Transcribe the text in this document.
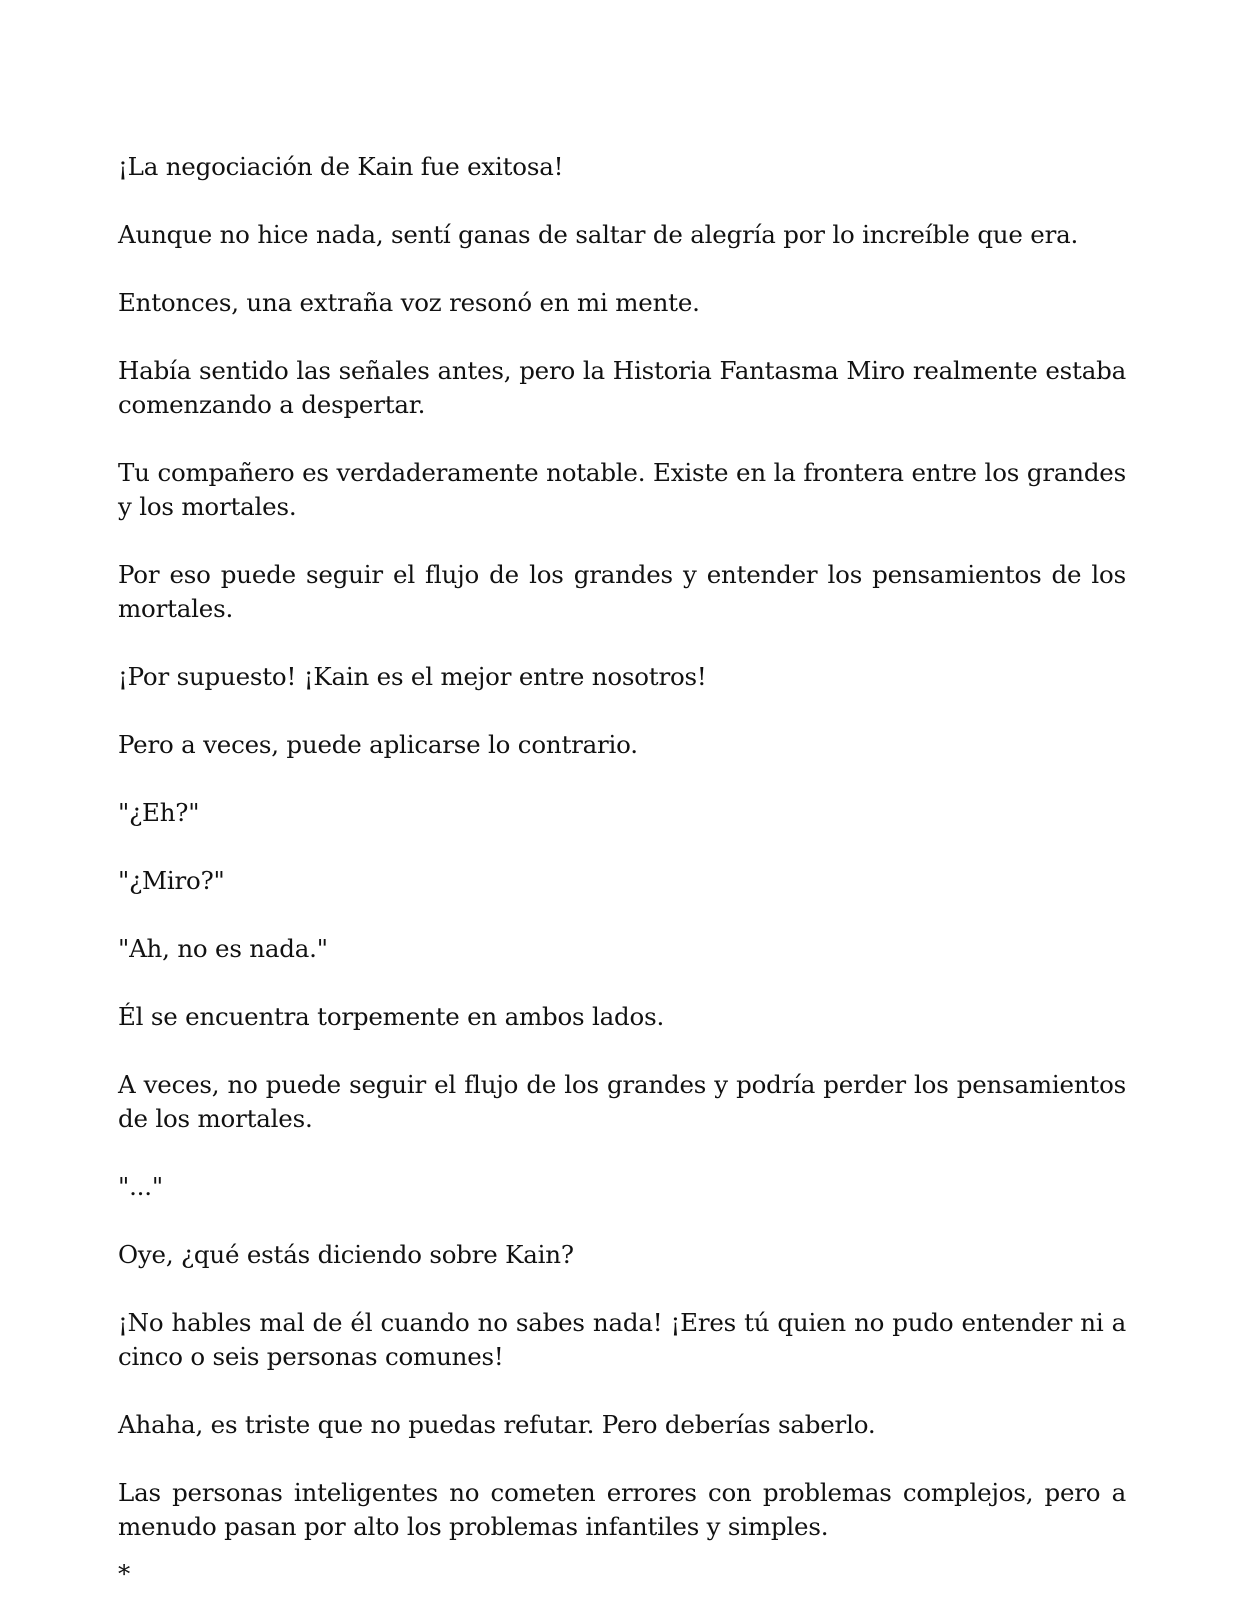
¡La negociación de Kain fue exitosa!

Aunque no hice nada, sentí ganas de saltar de alegría por lo increíble que era.

Entonces, una extraña voz resonó en mi mente.

Había sentido las señales antes, pero la Historia Fantasma Miro realmente estaba comenzando a despertar.

Tu compañero es verdaderamente notable. Existe en la frontera entre los grandes y los mortales.

Por eso puede seguir el flujo de los grandes y entender los pensamientos de los mortales.

¡Por supuesto! ¡Kain es el mejor entre nosotros!

Pero a veces, puede aplicarse lo contrario.

"¿Eh?"

"¿Miro?"

"Ah, no es nada."

Él se encuentra torpemente en ambos lados.

A veces, no puede seguir el flujo de los grandes y podría perder los pensamientos de los mortales.

"..."

Oye, ¿qué estás diciendo sobre Kain?

¡No hables mal de él cuando no sabes nada! ¡Eres tú quien no pudo entender ni a cinco o seis personas comunes!

Ahaha, es triste que no puedas refutar. Pero deberías saberlo.

Las personas inteligentes no cometen errores con problemas complejos, pero a menudo pasan por alto los problemas infantiles y simples.

*
